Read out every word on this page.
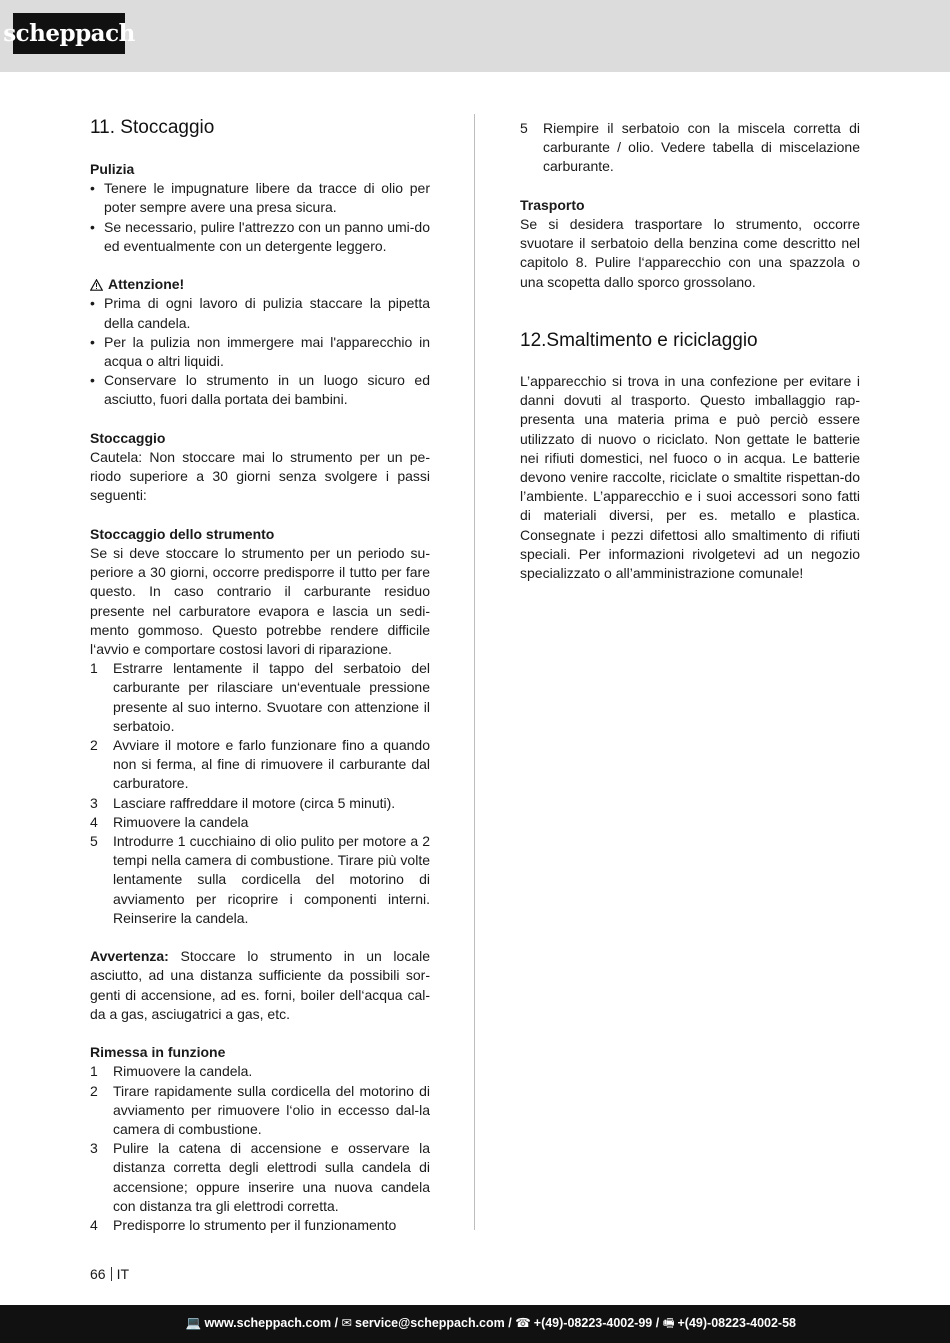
scheppach
11. Stoccaggio
Pulizia
• Tenere le impugnature libere da tracce di olio per poter sempre avere una presa sicura.
• Se necessario, pulire l'attrezzo con un panno umi-do ed eventualmente con un detergente leggero.
Attenzione!
• Prima di ogni lavoro di pulizia staccare la pipetta della candela.
• Per la pulizia non immergere mai l'apparecchio in acqua o altri liquidi.
• Conservare lo strumento in un luogo sicuro ed asciutto, fuori dalla portata dei bambini.
Stoccaggio

Cautela: Non stoccare mai lo strumento per un pe-riodo superiore a 30 giorni senza svolgere i passi seguenti:

Stoccaggio dello strumento

Se si deve stoccare lo strumento per un periodo su-periore a 30 giorni, occorre predisporre il tutto per fare questo. In caso contrario il carburante residuo presente nel carburatore evapora e lascia un sedi-mento gommoso. Questo potrebbe rendere difficile l‘avvio e comportare costosi lavori di riparazione.

1 Estrarre lentamente il tappo del serbatoio del carburante per rilasciare un‘eventuale pressione presente al suo interno. Svuotare con attenzione il serbatoio.
2 Avviare il motore e farlo funzionare fino a quando non si ferma, al fine di rimuovere il carburante dal carburatore.
3 Lasciare raffreddare il motore (circa 5 minuti).
4 Rimuovere la candela
5 Introdurre 1 cucchiaino di olio pulito per motore a 2 tempi nella camera di combustione. Tirare più volte lentamente sulla cordicella del motorino di avviamento per ricoprire i componenti interni. Reinserire la candela.

Avvertenza: Stoccare lo strumento in un locale asciutto, ad una distanza sufficiente da possibili sor-genti di accensione, ad es. forni, boiler dell‘acqua cal-da a gas, asciugatrici a gas, etc.

Rimessa in funzione
1 Rimuovere la candela.
2 Tirare rapidamente sulla cordicella del motorino di avviamento per rimuovere l‘olio in eccesso dal-la camera di combustione.
3 Pulire la catena di accensione e osservare la distanza corretta degli elettrodi sulla candela di accensione; oppure inserire una nuova candela con distanza tra gli elettrodi corretta.
4 Predisporre lo strumento per il funzionamento
5 Riempire il serbatoio con la miscela corretta di carburante / olio. Vedere tabella di miscelazione carburante.
Trasporto

Se si desidera trasportare lo strumento, occorre svuotare il serbatoio della benzina come descritto nel capitolo 8. Pulire l‘apparecchio con una spazzola o una scopetta dallo sporco grossolano.

12.Smaltimento e riciclaggio

L’apparecchio si trova in una confezione per evitare i danni dovuti al trasporto. Questo imballaggio rap-presenta una materia prima e può perciò essere utilizzato di nuovo o riciclato. Non gettate le batterie nei rifiuti domestici, nel fuoco o in acqua. Le batterie devono venire raccolte, riciclate o smaltite rispettan-do l’ambiente. L’apparecchio e i suoi accessori sono fatti di materiali diversi, per es. metallo e plastica. Consegnate i pezzi difettosi allo smaltimento di rifiuti speciali. Per informazioni rivolgetevi ad un negozio specializzato o all’amministrazione comunale!

66 IT
💻 www.scheppach.com / ✉ service@scheppach.com / ☎ +(49)-08223-4002-99 / 🖷 +(49)-08223-4002-58
